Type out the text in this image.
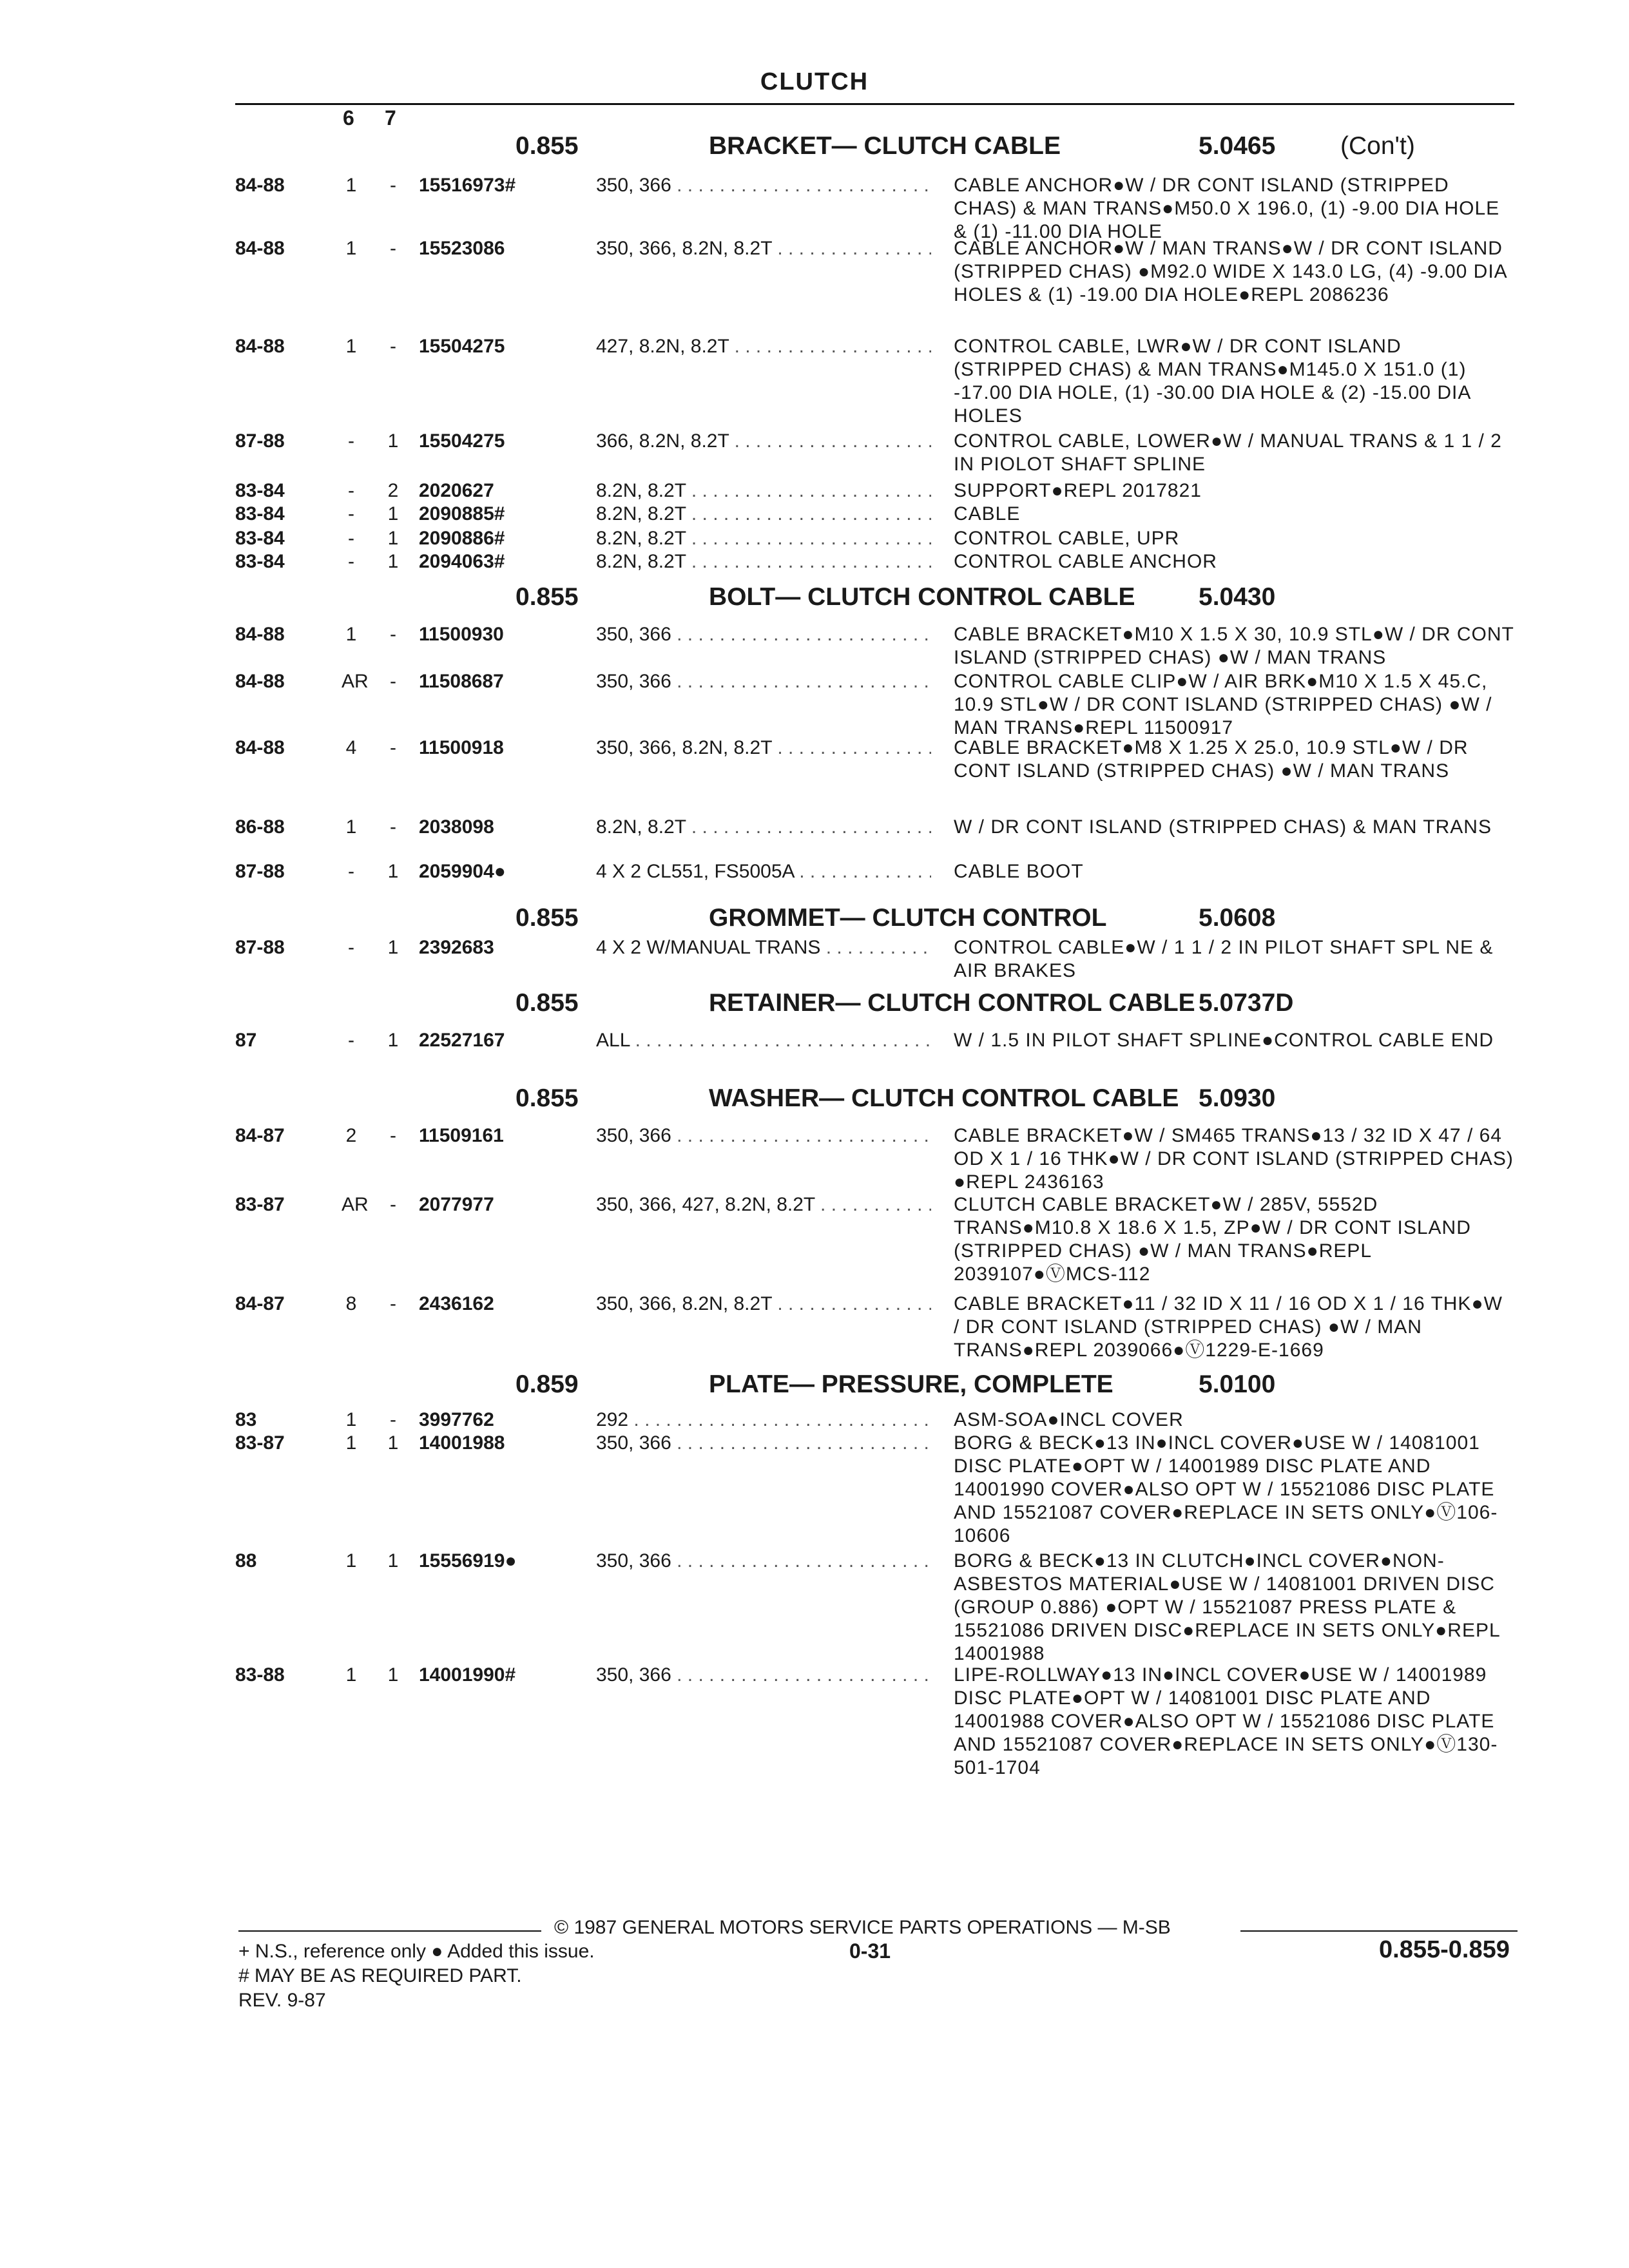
CLUTCH
6 7
0.855	BRACKET— CLUTCH CABLE	5.0465	(Con't)
84-88	1	-	15516973#	350, 366 . . .	CABLE ANCHOR●W / DR CONT ISLAND (STRIPPED CHAS) & MAN TRANS●M50.0 X 196.0, (1) -9.00 DIA HOLE & (1) -11.00 DIA HOLE
84-88	1	-	15523086	350, 366, 8.2N, 8.2T . . .	CABLE ANCHOR●W / MAN TRANS●W / DR CONT ISLAND (STRIPPED CHAS) ●M92.0 WIDE X 143.0 LG, (4) -9.00 DIA HOLES & (1) -19.00 DIA HOLE●REPL 2086236
84-88	1	-	15504275	427, 8.2N, 8.2T . . .	CONTROL CABLE, LWR●W / DR CONT ISLAND (STRIPPED CHAS) & MAN TRANS●M145.0 X 151.0 (1) -17.00 DIA HOLE, (1) -30.00 DIA HOLE & (2) -15.00 DIA HOLES
87-88	-	1 15504275	366, 8.2N, 8.2T . . .	CONTROL CABLE, LOWER●W / MANUAL TRANS & 1 1 / 2 IN PIOLOT SHAFT SPLINE
83-84	-	2 2020627	8.2N, 8.2T . . .	SUPPORT●REPL 2017821
83-84	-	1 2090885#	8.2N, 8.2T . . .	CABLE
83-84	-	1 2090886#	8.2N, 8.2T . . .	CONTROL CABLE, UPR
83-84	-	1 2094063#	8.2N, 8.2T . . .	CONTROL CABLE ANCHOR
0.855	BOLT— CLUTCH CONTROL CABLE	5.0430
84-88	1	-	11500930	350, 366 . . .	CABLE BRACKET●M10 X 1.5 X 30, 10.9 STL●W / DR CONT ISLAND (STRIPPED CHAS) ●W / MAN TRANS
84-88	AR	-	11508687	350, 366 . . .	CONTROL CABLE CLIP●W / AIR BRK●M10 X 1.5 X 45.C, 10.9 STL●W / DR CONT ISLAND (STRIPPED CHAS) ●W / MAN TRANS●REPL 11500917
84-88	4	-	11500918	350, 366, 8.2N, 8.2T . . .	CABLE BRACKET●M8 X 1.25 X 25.0, 10.9 STL●W / DR CONT ISLAND (STRIPPED CHAS) ●W / MAN TRANS
86-88	1	-	2038098	8.2N, 8.2T . . .	W / DR CONT ISLAND (STRIPPED CHAS) & MAN TRANS
87-88	-	1 2059904●	4 X 2 CL551, FS5005A . . .	CABLE BOOT
0.855	GROMMET— CLUTCH CONTROL	5.0608
87-88	-	1 2392683	4 X 2 W/MANUAL TRANS . . .	CONTROL CABLE●W / 1 1 / 2 IN PILOT SHAFT SPL NE & AIR BRAKES
0.855	RETAINER— CLUTCH CONTROL CABLE 5.0737D
87	-	1 22527167	ALL . . .	W / 1.5 IN PILOT SHAFT SPLINE●CONTROL CABLE END
0.855	WASHER— CLUTCH CONTROL CABLE 5.0930
84-87	2	-	11509161	350, 366 . . .	CABLE BRACKET●W / SM465 TRANS●13 / 32 ID X 47 / 64 OD X 1 / 16 THK●W / DR CONT ISLAND (STRIPPED CHAS) ●REPL 2436163
83-87	AR	-	2077977	350, 366, 427, 8.2N, 8.2T . . .	CLUTCH CABLE BRACKET●W / 285V, 5552D TRANS●M10.8 X 18.6 X 1.5, ZP●W / DR CONT ISLAND (STRIPPED CHAS) ●W / MAN TRANS●REPL 2039107●ⓋMCS-112
84-87	8	-	2436162	350, 366, 8.2N, 8.2T . . .	CABLE BRACKET●11 / 32 ID X 11 / 16 OD X 1 / 16 THK●W / DR CONT ISLAND (STRIPPED CHAS) ●W / MAN TRANS●REPL 2039066●Ⓥ1229-E-1669
0.859	PLATE— PRESSURE, COMPLETE	5.0100
83	1	-	3997762	292 . . .	ASM-SOA●INCL COVER
83-87	1 1 14001988	350, 366 . . .	BORG & BECK●13 IN●INCL COVER●USE W / 14081001 DISC PLATE●OPT W / 14001989 DISC PLATE AND 14001990 COVER●ALSO OPT W / 15521086 DISC PLATE AND 15521087 COVER●REPLACE IN SETS ONLY●Ⓥ106-10606
88	1 1 15556919●	350, 366 . . .	BORG & BECK●13 IN CLUTCH●INCL COVER●NON-ASBESTOS MATERIAL●USE W / 14081001 DRIVEN DISC (GROUP 0.886) ●OPT W / 15521087 PRESS PLATE & 15521086 DRIVEN DISC●REPLACE IN SETS ONLY●REPL 14001988
83-88	1 1 14001990#	350, 366 . . .	LIPE-ROLLWAY●13 IN●INCL COVER●USE W / 14001989 DISC PLATE●OPT W / 14081001 DISC PLATE AND 14001988 COVER●ALSO OPT W / 15521086 DISC PLATE AND 15521087 COVER●REPLACE IN SETS ONLY●Ⓥ130-501-1704
© 1987 GENERAL MOTORS SERVICE PARTS OPERATIONS — M-SB
+ N.S., reference only ● Added this issue.	0-31	0.855-0.859
# MAY BE AS REQUIRED PART.
REV. 9-87
